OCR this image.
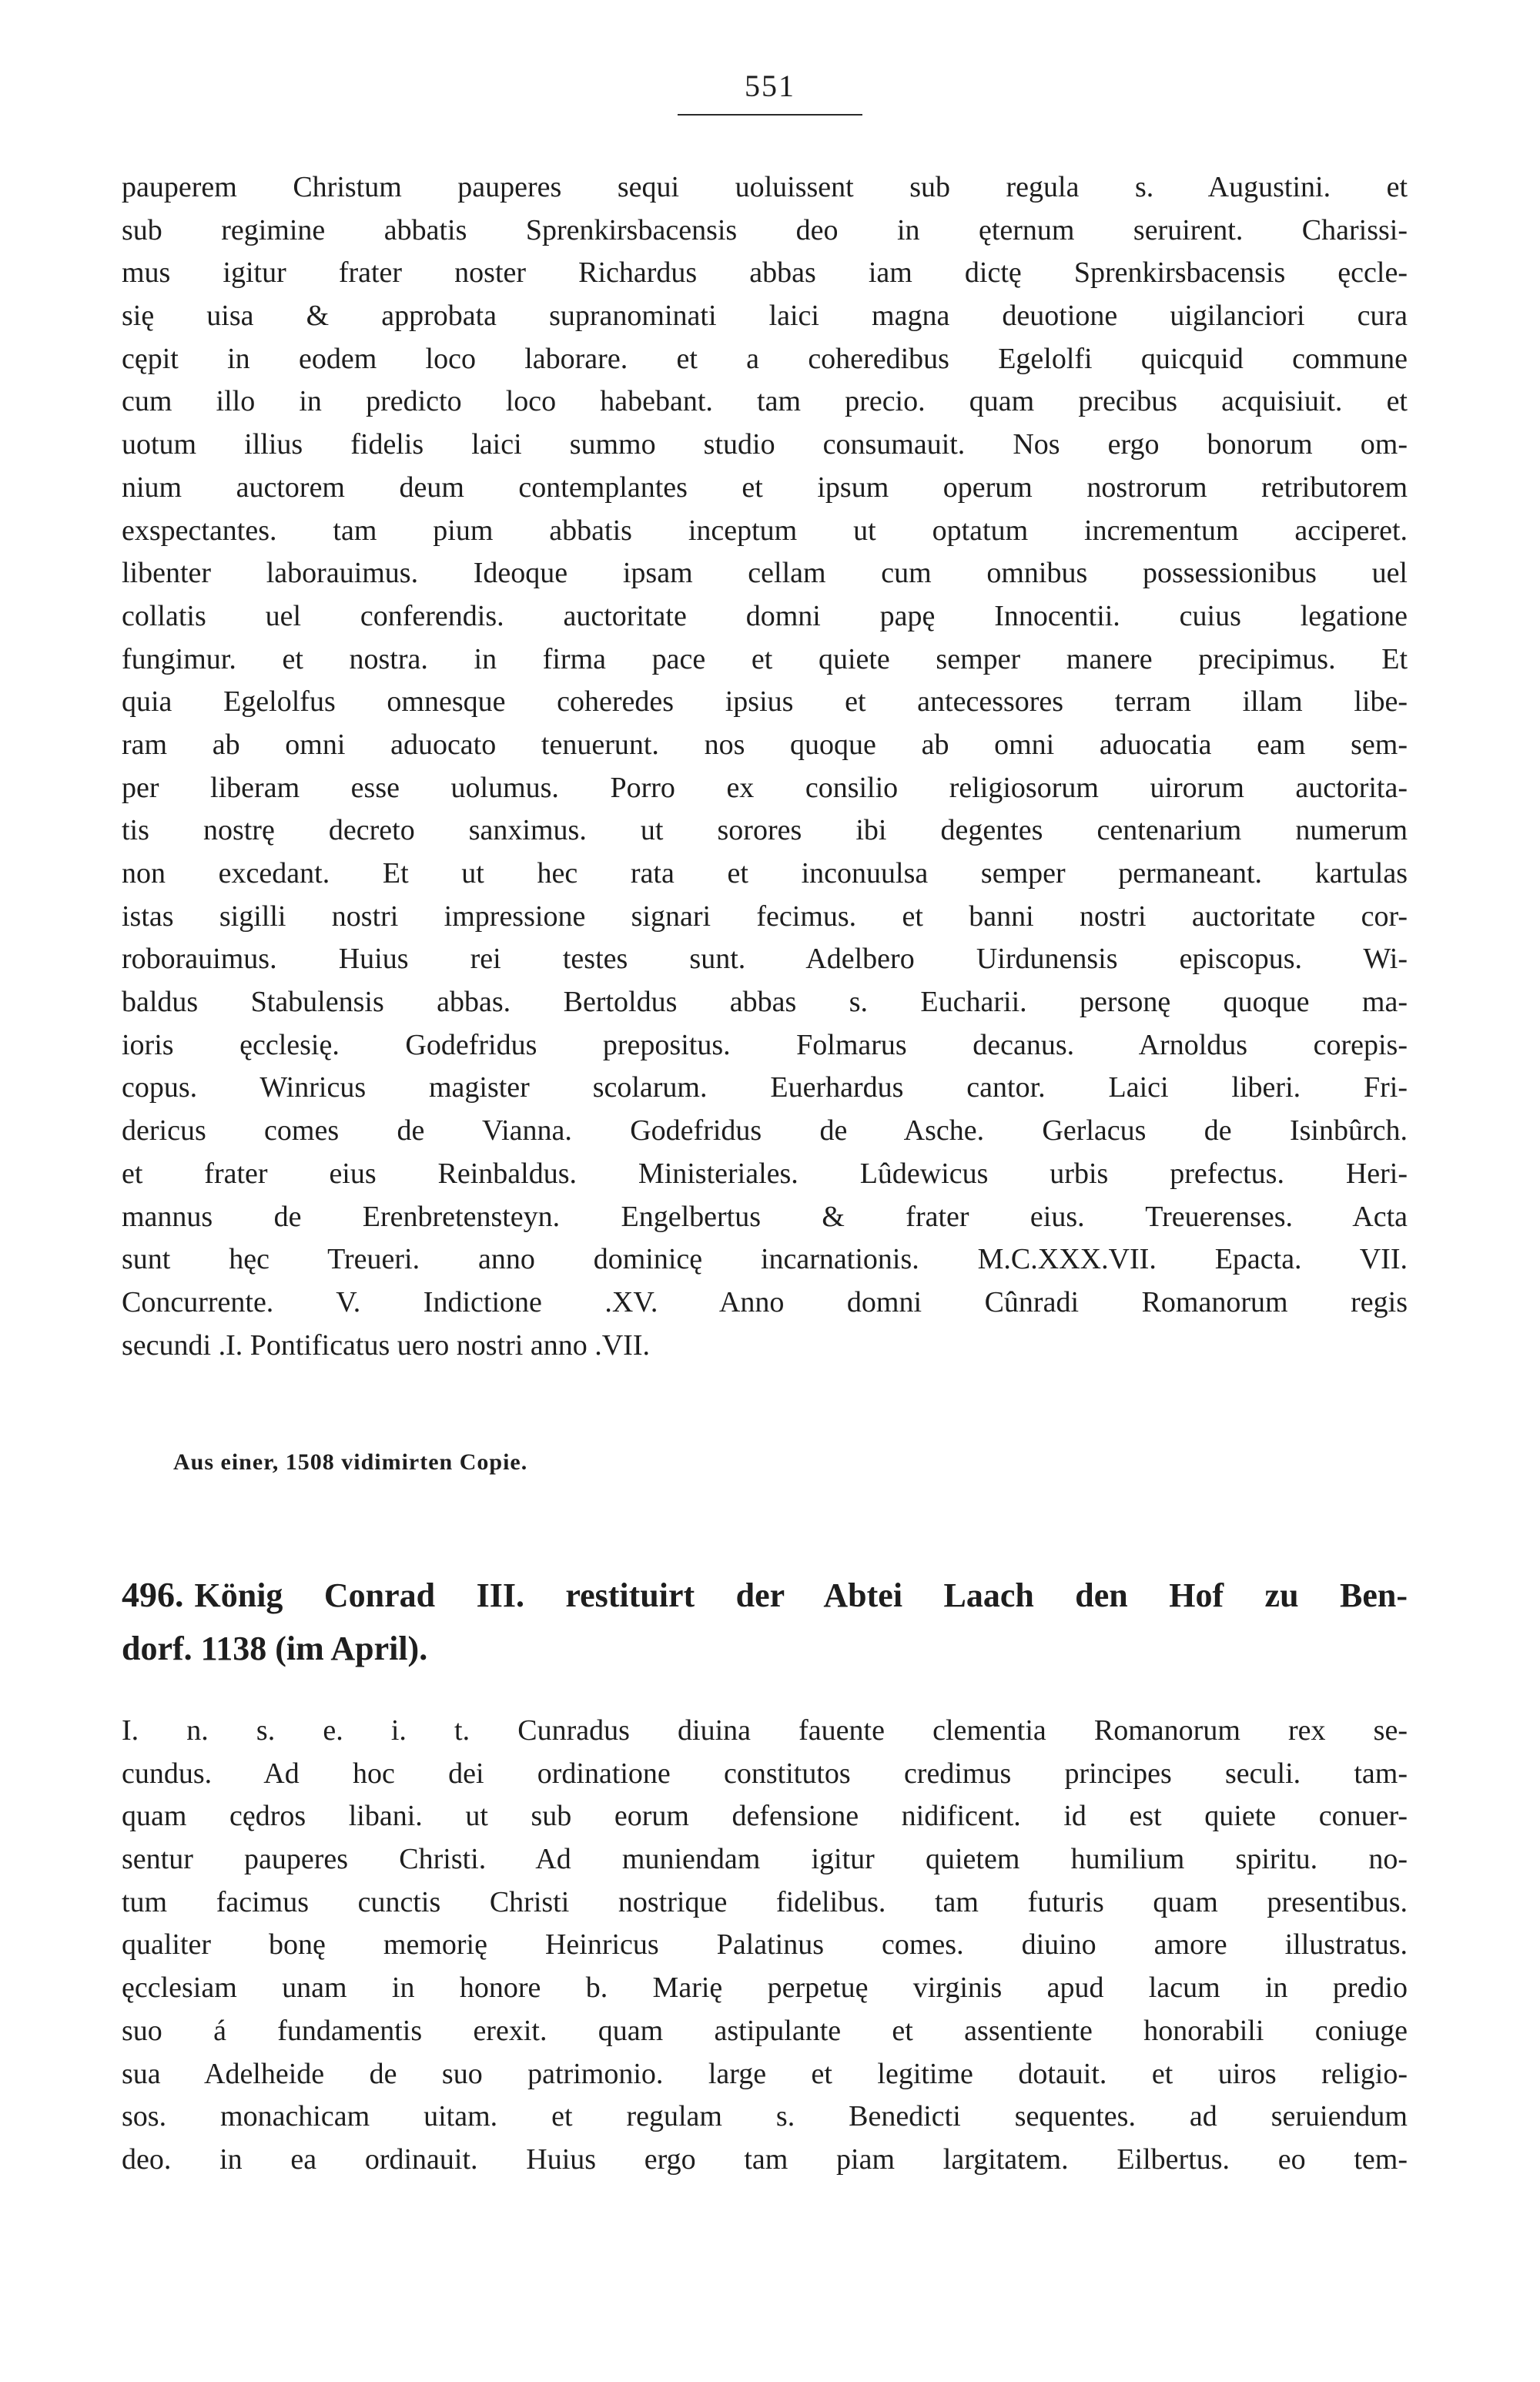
551
pauperem Christum pauperes sequi uoluissent sub regula s. Augustini. et
sub regimine abbatis Sprenkirsbacensis deo in ęternum seruirent. Charissi-
mus igitur frater noster Richardus abbas iam dictę Sprenkirsbacensis ęccle-
się uisa & approbata supranominati laici magna deuotione uigilanciori cura
cępit in eodem loco laborare. et a coheredibus Egelolfi quicquid commune
cum illo in predicto loco habebant. tam precio. quam precibus acquisiuit. et
uotum illius fidelis laici summo studio consumauit. Nos ergo bonorum om-
nium auctorem deum contemplantes et ipsum operum nostrorum retributorem
exspectantes. tam pium abbatis inceptum ut optatum incrementum acciperet.
libenter laborauimus. Ideoque ipsam cellam cum omnibus possessionibus uel
collatis uel conferendis. auctoritate domni papę Innocentii. cuius legatione
fungimur. et nostra. in firma pace et quiete semper manere precipimus. Et
quia Egelolfus omnesque coheredes ipsius et antecessores terram illam libe-
ram ab omni aduocato tenuerunt. nos quoque ab omni aduocatia eam sem-
per liberam esse uolumus. Porro ex consilio religiosorum uirorum auctorita-
tis nostrę decreto sanximus. ut sorores ibi degentes centenarium numerum
non excedant. Et ut hec rata et inconuulsa semper permaneant. kartulas
istas sigilli nostri impressione signari fecimus. et banni nostri auctoritate cor-
roborauimus. Huius rei testes sunt. Adelbero Uirdunensis episcopus. Wi-
baldus Stabulensis abbas. Bertoldus abbas s. Eucharii. personę quoque ma-
ioris ęcclesię. Godefridus prepositus. Folmarus decanus. Arnoldus corepis-
copus. Winricus magister scolarum. Euerhardus cantor. Laici liberi. Fri-
dericus comes de Vianna. Godefridus de Asche. Gerlacus de Isinbûrch.
et frater eius Reinbaldus. Ministeriales. Lûdewicus urbis prefectus. Heri-
mannus de Erenbretensteyn. Engelbertus & frater eius. Treuerenses. Acta
sunt hęc Treueri. anno dominicę incarnationis. M.C.XXX.VII. Epacta. VII.
Concurrente. V. Indictione .XV. Anno domni Cûnradi Romanorum regis
secundi .I. Pontificatus uero nostri anno .VII.
Aus einer, 1508 vidimirten Copie.
496. König Conrad III. restituirt der Abtei Laach den Hof zu Ben-
dorf. 1138 (im April).
I. n. s. e. i. t. Cunradus diuina fauente clementia Romanorum rex se-
cundus. Ad hoc dei ordinatione constitutos credimus principes seculi. tam-
quam cędros libani. ut sub eorum defensione nidificent. id est quiete conuer-
sentur pauperes Christi. Ad muniendam igitur quietem humilium spiritu. no-
tum facimus cunctis Christi nostrique fidelibus. tam futuris quam presentibus.
qualiter bonę memorię Heinricus Palatinus comes. diuino amore illustratus.
ęcclesiam unam in honore b. Marię perpetuę virginis apud lacum in predio
suo á fundamentis erexit. quam astipulante et assentiente honorabili coniuge
sua Adelheide de suo patrimonio. large et legitime dotauit. et uiros religio-
sos. monachicam uitam. et regulam s. Benedicti sequentes. ad seruiendum
deo. in ea ordinauit. Huius ergo tam piam largitatem. Eilbertus. eo tem-
